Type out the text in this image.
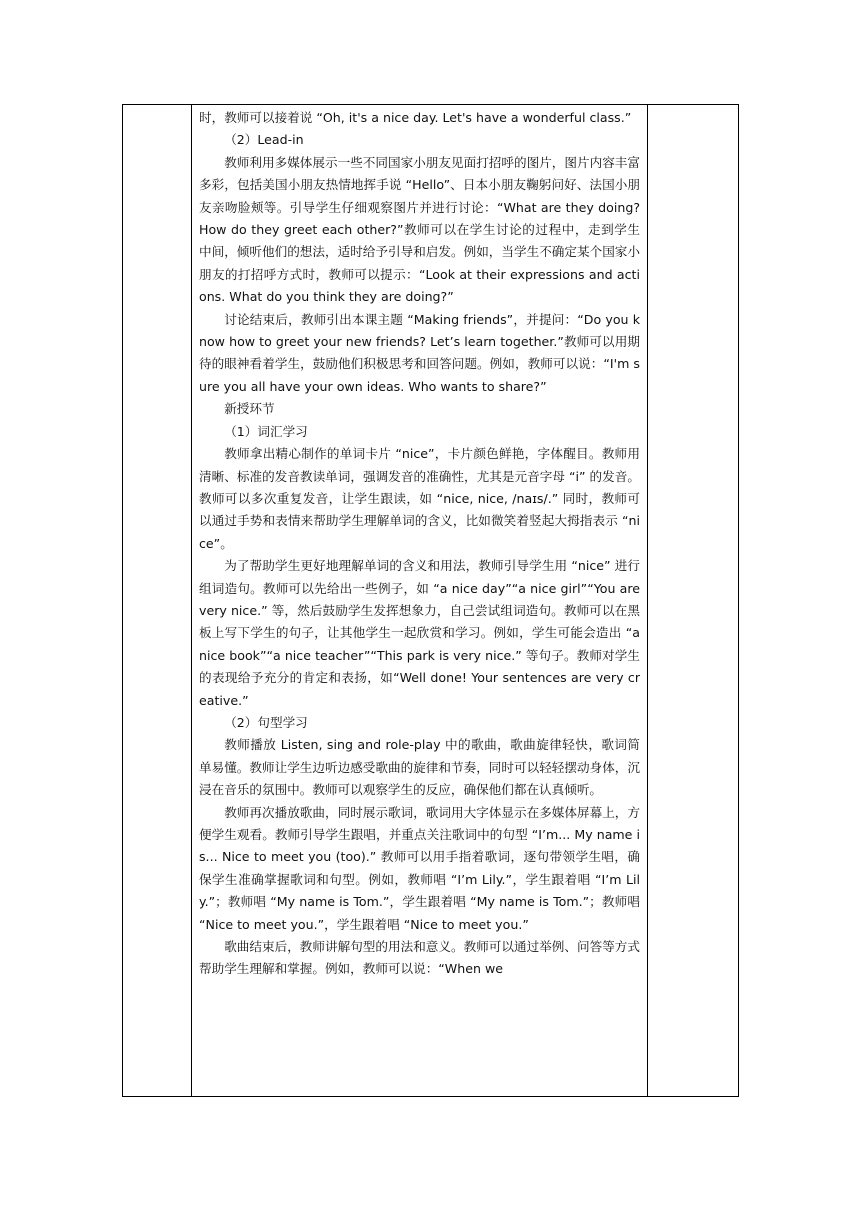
时，教师可以接着说 “Oh, it's a nice day. Let's have a wonderful class.”

（2）Lead-in

教师利用多媒体展示一些不同国家小朋友见面打招呼的图片，图片内容丰富多彩，包括美国小朋友热情地挥手说 “Hello”、日本小朋友鞠躬问好、法国小朋友亲吻脸颊等。引导学生仔细观察图片并进行讨论：“What are they doing? How do they greet each other?”教师可以在学生讨论的过程中，走到学生中间，倾听他们的想法，适时给予引导和启发。例如，当学生不确定某个国家小朋友的打招呼方式时，教师可以提示：“Look at their expressions and actions. What do you think they are doing?”

讨论结束后，教师引出本课主题 “Making friends”，并提问：“Do you know how to greet your new friends? Let’s learn together.”教师可以用期待的眼神看着学生，鼓励他们积极思考和回答问题。例如，教师可以说：“I'm sure you all have your own ideas. Who wants to share?”

新授环节

（1）词汇学习

教师拿出精心制作的单词卡片 “nice”，卡片颜色鲜艳，字体醒目。教师用清晰、标准的发音教读单词，强调发音的准确性，尤其是元音字母 “i” 的发音。教师可以多次重复发音，让学生跟读，如 “nice, nice, /naɪs/.” 同时，教师可以通过手势和表情来帮助学生理解单词的含义，比如微笑着竖起大拇指表示 “nice”。

为了帮助学生更好地理解单词的含义和用法，教师引导学生用 “nice” 进行组词造句。教师可以先给出一些例子，如 “a nice day”“a nice girl”“You are very nice.” 等，然后鼓励学生发挥想象力，自己尝试组词造句。教师可以在黑板上写下学生的句子，让其他学生一起欣赏和学习。例如，学生可能会造出 “a nice book”“a nice teacher”“This park is very nice.” 等句子。教师对学生的表现给予充分的肯定和表扬，如“Well done! Your sentences are very creative.”

（2）句型学习

教师播放 Listen, sing and role-play 中的歌曲，歌曲旋律轻快，歌词简单易懂。教师让学生边听边感受歌曲的旋律和节奏，同时可以轻轻摆动身体，沉浸在音乐的氛围中。教师可以观察学生的反应，确保他们都在认真倾听。

教师再次播放歌曲，同时展示歌词，歌词用大字体显示在多媒体屏幕上，方便学生观看。教师引导学生跟唱，并重点关注歌词中的句型 “I’m... My name is... Nice to meet you (too).” 教师可以用手指着歌词，逐句带领学生唱，确保学生准确掌握歌词和句型。例如，教师唱 “I’m Lily.”，学生跟着唱 “I’m Lily.”；教师唱 “My name is Tom.”，学生跟着唱 “My name is Tom.”；教师唱 “Nice to meet you.”，学生跟着唱 “Nice to meet you.”

歌曲结束后，教师讲解句型的用法和意义。教师可以通过举例、问答等方式帮助学生理解和掌握。例如，教师可以说：“When we
